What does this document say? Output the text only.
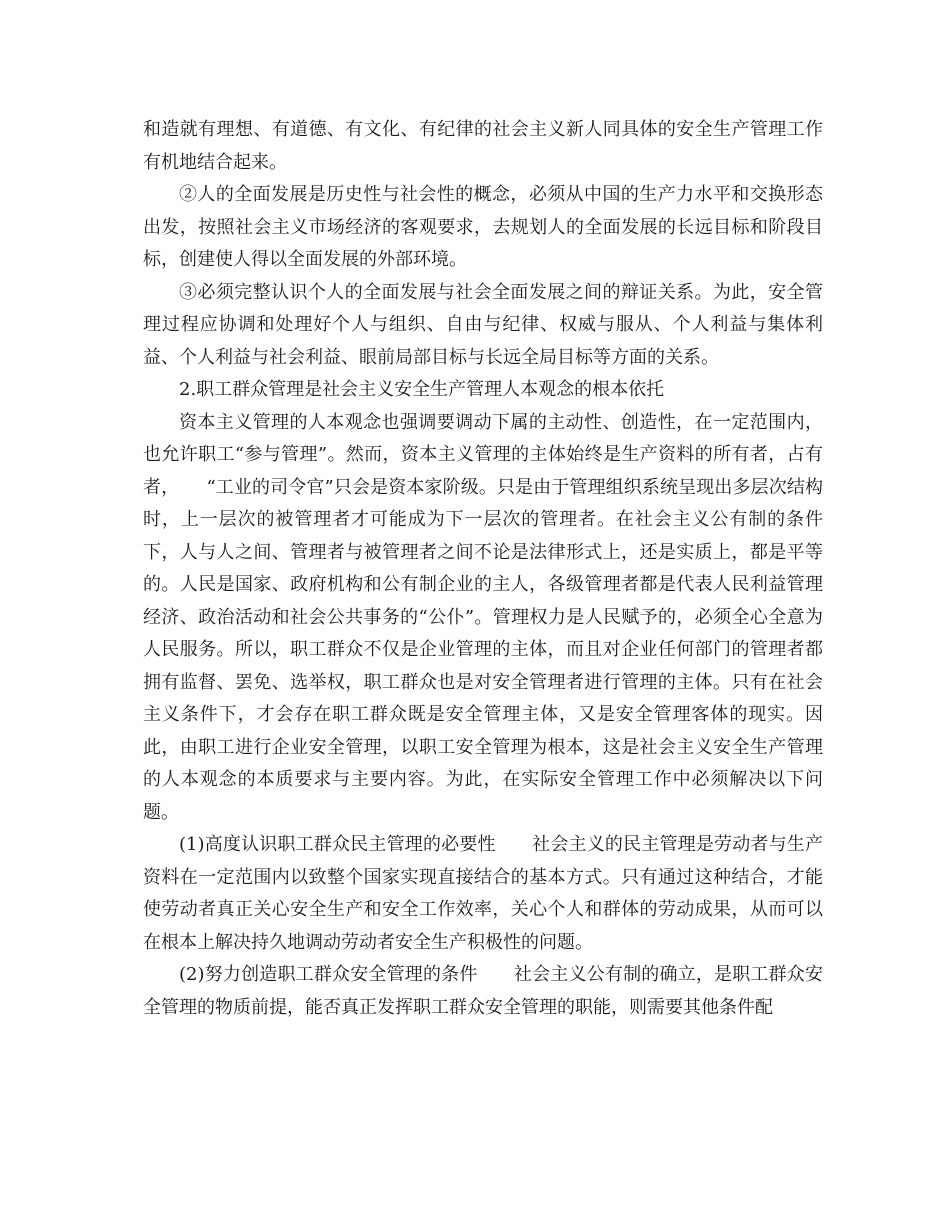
和造就有理想、有道德、有文化、有纪律的社会主义新人同具体的安全生产管理工作有机地结合起来。

②人的全面发展是历史性与社会性的概念，必须从中国的生产力水平和交换形态出发，按照社会主义市场经济的客观要求，去规划人的全面发展的长远目标和阶段目标，创建使人得以全面发展的外部环境。

③必须完整认识个人的全面发展与社会全面发展之间的辩证关系。为此，安全管理过程应协调和处理好个人与组织、自由与纪律、权威与服从、个人利益与集体利益、个人利益与社会利益、眼前局部目标与长远全局目标等方面的关系。

2.职工群众管理是社会主义安全生产管理人本观念的根本依托

资本主义管理的人本观念也强调要调动下属的主动性、创造性，在一定范围内，也允许职工“参与管理”。然而，资本主义管理的主体始终是生产资料的所有者，占有者，　　“工业的司令官”只会是资本家阶级。只是由于管理组织系统呈现出多层次结构时，上一层次的被管理者才可能成为下一层次的管理者。在社会主义公有制的条件下，人与人之间、管理者与被管理者之间不论是法律形式上，还是实质上，都是平等的。人民是国家、政府机构和公有制企业的主人，各级管理者都是代表人民利益管理经济、政治活动和社会公共事务的“公仆”。管理权力是人民赋予的，必须全心全意为人民服务。所以，职工群众不仅是企业管理的主体，而且对企业任何部门的管理者都拥有监督、罢免、选举权，职工群众也是对安全管理者进行管理的主体。只有在社会主义条件下，才会存在职工群众既是安全管理主体，又是安全管理客体的现实。因此，由职工进行企业安全管理，以职工安全管理为根本，这是社会主义安全生产管理的人本观念的本质要求与主要内容。为此，在实际安全管理工作中必须解决以下问题。

(1)高度认识职工群众民主管理的必要性　　社会主义的民主管理是劳动者与生产资料在一定范围内以致整个国家实现直接结合的基本方式。只有通过这种结合，才能使劳动者真正关心安全生产和安全工作效率，关心个人和群体的劳动成果，从而可以在根本上解决持久地调动劳动者安全生产积极性的问题。

(2)努力创造职工群众安全管理的条件　　社会主义公有制的确立，是职工群众安全管理的物质前提，能否真正发挥职工群众安全管理的职能，则需要其他条件配
